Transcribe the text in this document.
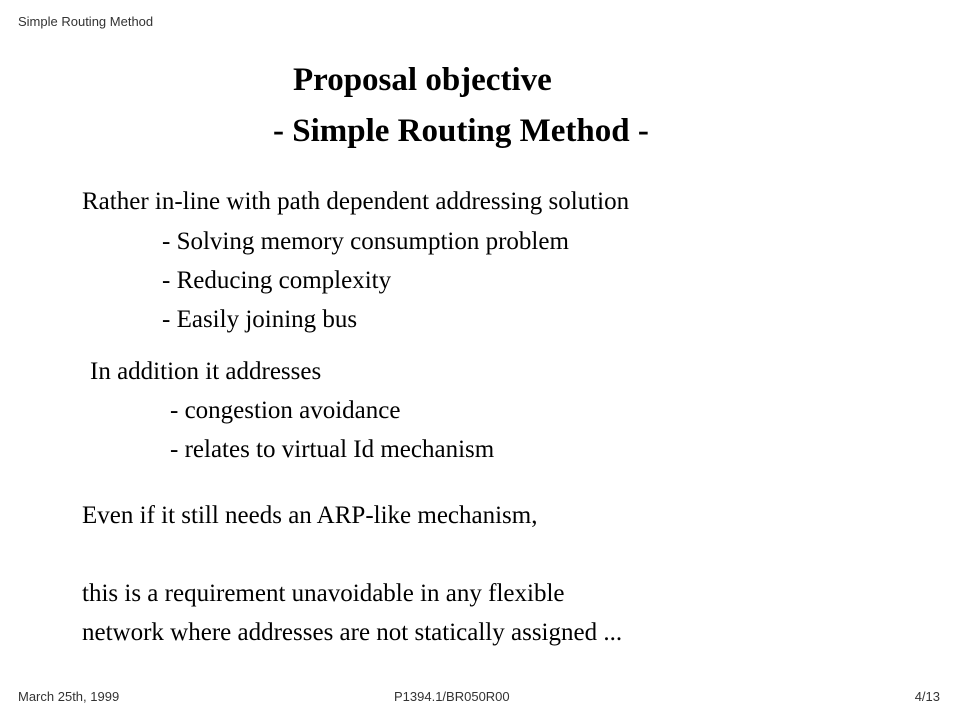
Simple Routing Method
Proposal objective
- Simple Routing Method -
Rather in-line with path dependent addressing solution
- Solving memory consumption problem
- Reducing complexity
- Easily joining bus
In addition it addresses
- congestion avoidance
- relates to virtual Id mechanism
Even if it still needs an ARP-like mechanism,
this is a requirement unavoidable in any flexible
network where addresses are not statically assigned ...
March 25th, 1999	P1394.1/BR050R00	4/13
